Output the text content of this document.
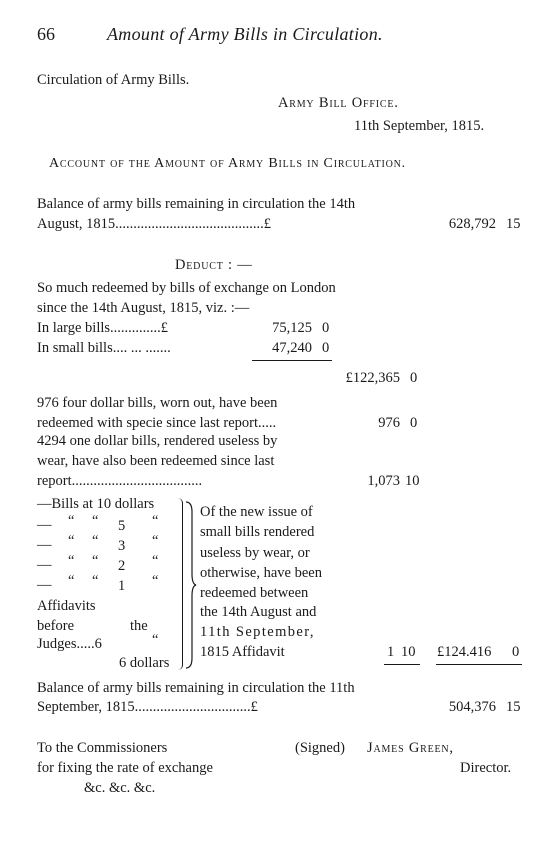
66	Amount of Army Bills in Circulation.
Circulation of Army Bills.
Army Bill Office.
11th September, 1815.
Account of the Amount of Army Bills in Circulation.
Balance of army bills remaining in circulation the 14th
August, 1815.........................................£	628,792 15
Deduct : —
So much redeemed by bills of exchange on London
since the 14th August, 1815, viz. :—
In large bills..............£	75,125 0
In small bills.... ... .......	47,240 0
£122,365 0
976 four dollar bills, worn out, have been
redeemed with specie since last report.....	976 0
4294 one dollar bills, rendered useless by
wear, have also been redeemed since last
report....................................	1,073 10
—Bills at 10 dollars
— “ “ 5 “
— “ “ 3 “
— “ “ 2 “
— “ “ 1 “
Affidavits
before	the
Judges.....6	“
6 dollars
Of the new issue of
small bills rendered
useless by wear, or
otherwise, have been
redeemed between
the 14th August and
11th September,
1815 Affidavit	1 10 £124.416 0
Balance of army bills remaining in circulation the 11th
September, 1815................................£	504,376 15
To the Commissioners
for fixing the rate of exchange
&c. &c. &c.
(Signed) James Green,
Director.
